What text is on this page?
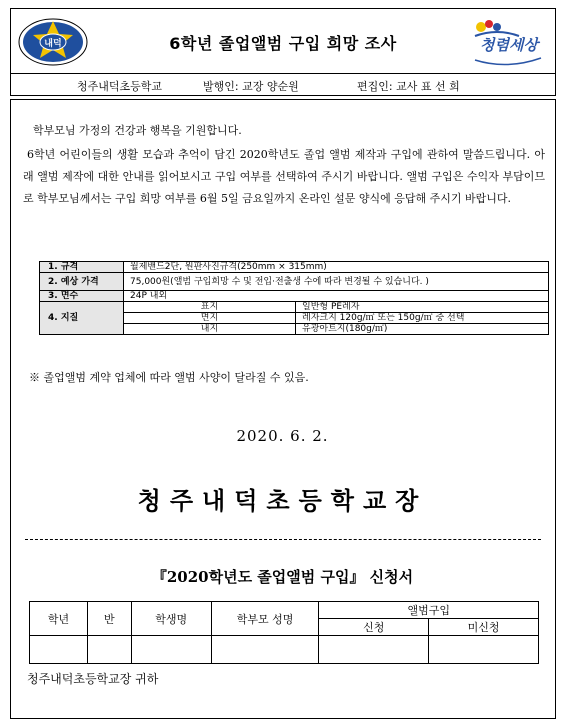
내덕	6학년 졸업앨범 구입 희망 조사	청렴세상
청주내덕초등학교	발행인: 교장 양순원	편집인: 교사 표 선 희
학부모님 가정의 건강과 행복을 기원합니다.
6학년 어린이들의 생활 모습과 추억이 담긴 2020학년도 졸업 앨범 제작과 구입에 관하여 말씀드립니다. 아래 앨범 제작에 대한 안내를 읽어보시고 구입 여부를 선택하여 주시기 바랍니다. 앨범 구입은 수익자 부담이므로 학부모님께서는 구입 희망 여부를 6월 5일 금요일까지 온라인 설문 양식에 응답해 주시기 바랍니다.
1. 규격	월제밴드2단, 원판사진규격(250mm × 315mm)	
2. 예상 가격	75,000원(앨범 구입희망 수 및 전입·전출생 수에 따라 변경될 수 있습니다. )	
3. 면수	24P 내외	
4. 지질	표지	일반형 PE레자
	면지	레자크지 120g/㎡ 또는 150g/㎡ 중 선택
	내지	유광아트지(180g/㎡)
※ 졸업앨범 계약 업체에 따라 앨범 사양이 달라질 수 있음.
2020. 6. 2.
청주내덕초등학교장
『2020학년도 졸업앨범 구입』 신청서
학년	반	학생명	학부모 성명	앨범구입	
				신청	미신청

청주내덕초등학교장 귀하
